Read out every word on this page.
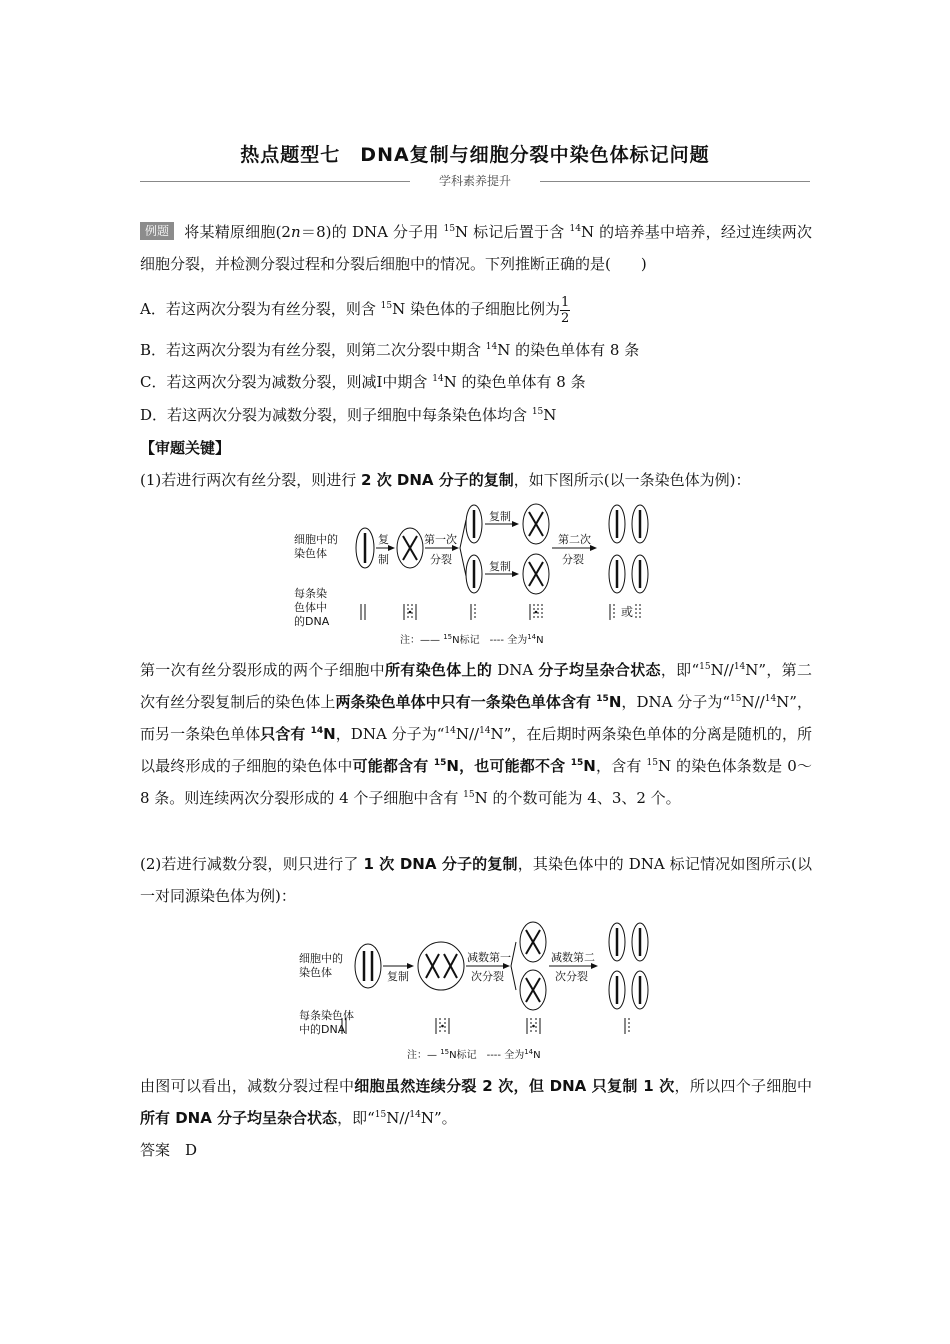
热点题型七　DNA复制与细胞分裂中染色体标记问题
学科素养提升
例题 将某精原细胞(2n＝8)的 DNA 分子用 $^{15}$N 标记后置于含 $^{14}$N 的培养基中培养，经过连续两次细胞分裂，并检测分裂过程和分裂后细胞中的情况。下列推断正确的是(　　)
A．若这两次分裂为有丝分裂，则含 $^{15}$N 染色体的子细胞比例为 $\frac{1}{2}$
B．若这两次分裂为有丝分裂，则第二次分裂中期含 $^{14}$N 的染色单体有 8 条
C．若这两次分裂为减数分裂，则减Ⅰ中期含 $^{14}$N 的染色单体有 8 条
D．若这两次分裂为减数分裂，则子细胞中每条染色体均含 $^{15}$N
【审题关键】
(1)若进行两次有丝分裂，则进行 2 次 DNA 分子的复制，如下图所示(以一条染色体为例)：
细胞中的
染色体
复
制
第一次
分裂
复制
复制
第二次
分裂
每条染
色体中
的DNA
或
注：—— $^{15}$N标记　---- 全为$^{14}$N
第一次有丝分裂形成的两个子细胞中所有染色体上的 DNA 分子均呈杂合状态，即“$^{15}$N//$^{14}$N”，第二次有丝分裂复制后的染色体上两条染色单体中只有一条染色单体含有 $^{15}$N，DNA 分子为“$^{15}$N//$^{14}$N”，而另一条染色单体只含有 $^{14}$N，DNA 分子为“$^{14}$N//$^{14}$N”，在后期时两条染色单体的分离是随机的，所以最终形成的子细胞的染色体中可能都含有 $^{15}$N，也可能都不含 $^{15}$N，含有 $^{15}$N 的染色体条数是 0～8 条。则连续两次分裂形成的 4 个子细胞中含有 $^{15}$N 的个数可能为 4、3、2 个。
(2)若进行减数分裂，则只进行了 1 次 DNA 分子的复制，其染色体中的 DNA 标记情况如图所示(以一对同源染色体为例)：
细胞中的
染色体	复制
减数第一
次分裂
减数第二
次分裂
每条染色体
中的DNA
注：— $^{15}$N标记　---- 全为$^{14}$N
由图可以看出，减数分裂过程中细胞虽然连续分裂 2 次，但 DNA 只复制 1 次，所以四个子细胞中所有 DNA 分子均呈杂合状态，即“$^{15}$N//$^{14}$N”。
答案　 D
